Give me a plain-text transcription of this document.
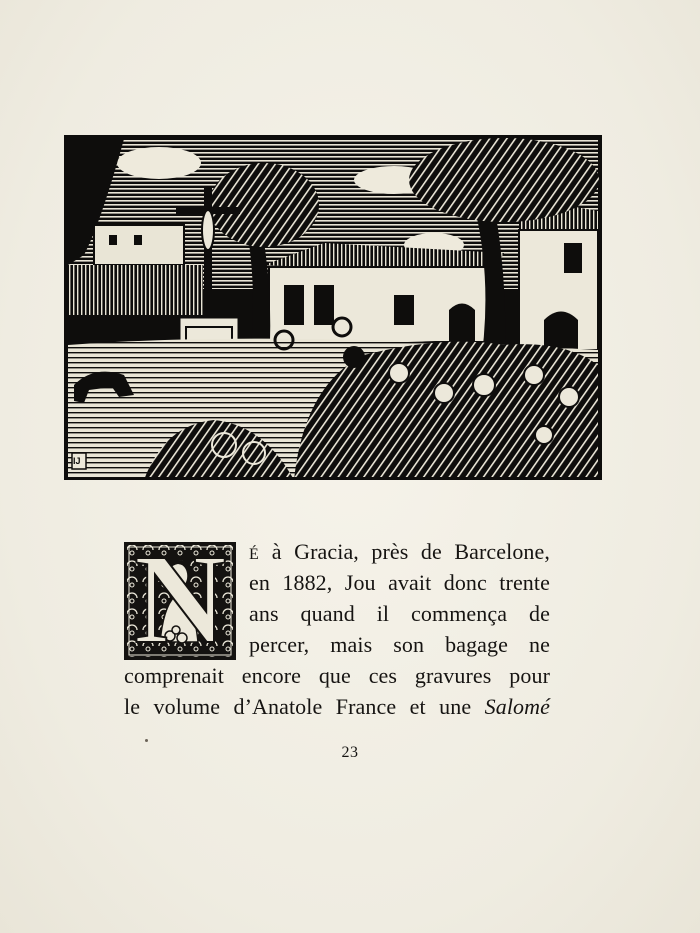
IJ
N	É à Gracia, près de Barcelone,
en 1882, Jou avait donc trente
ans quand il commença de
percer, mais son bagage ne
comprenait encore que ces gravures pour
le volume d’Anatole France et une Salomé
23
